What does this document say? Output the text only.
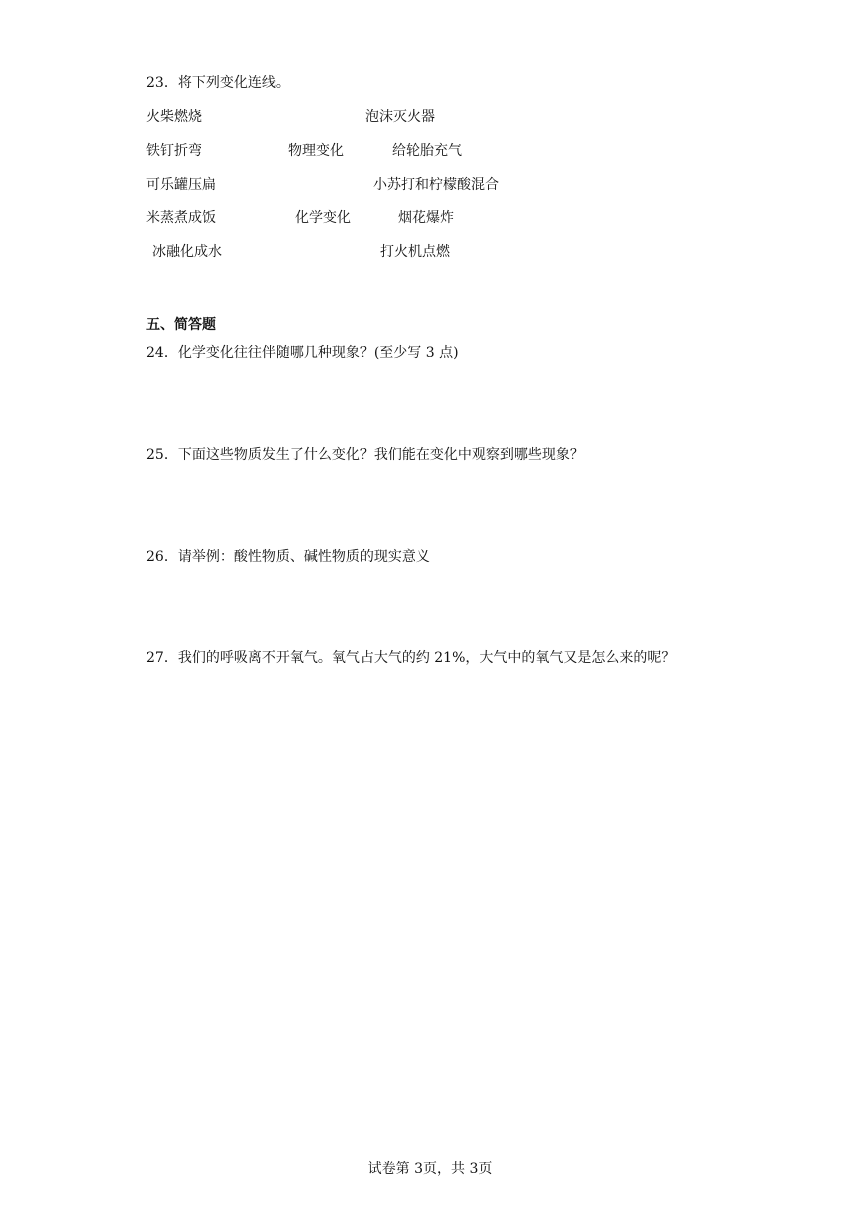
23．将下列变化连线。
火柴燃烧	泡沫灭火器
铁钉折弯	物理变化	给轮胎充气
可乐罐压扁	小苏打和柠檬酸混合
米蒸煮成饭	化学变化	烟花爆炸
冰融化成水	打火机点燃
五、简答题
24．化学变化往往伴随哪几种现象？(至少写 3 点)
25．下面这些物质发生了什么变化？我们能在变化中观察到哪些现象？
26．请举例：酸性物质、碱性物质的现实意义
27．我们的呼吸离不开氧气。氧气占大气的约 21%，大气中的氧气又是怎么来的呢？
试卷第 3页，共 3页
